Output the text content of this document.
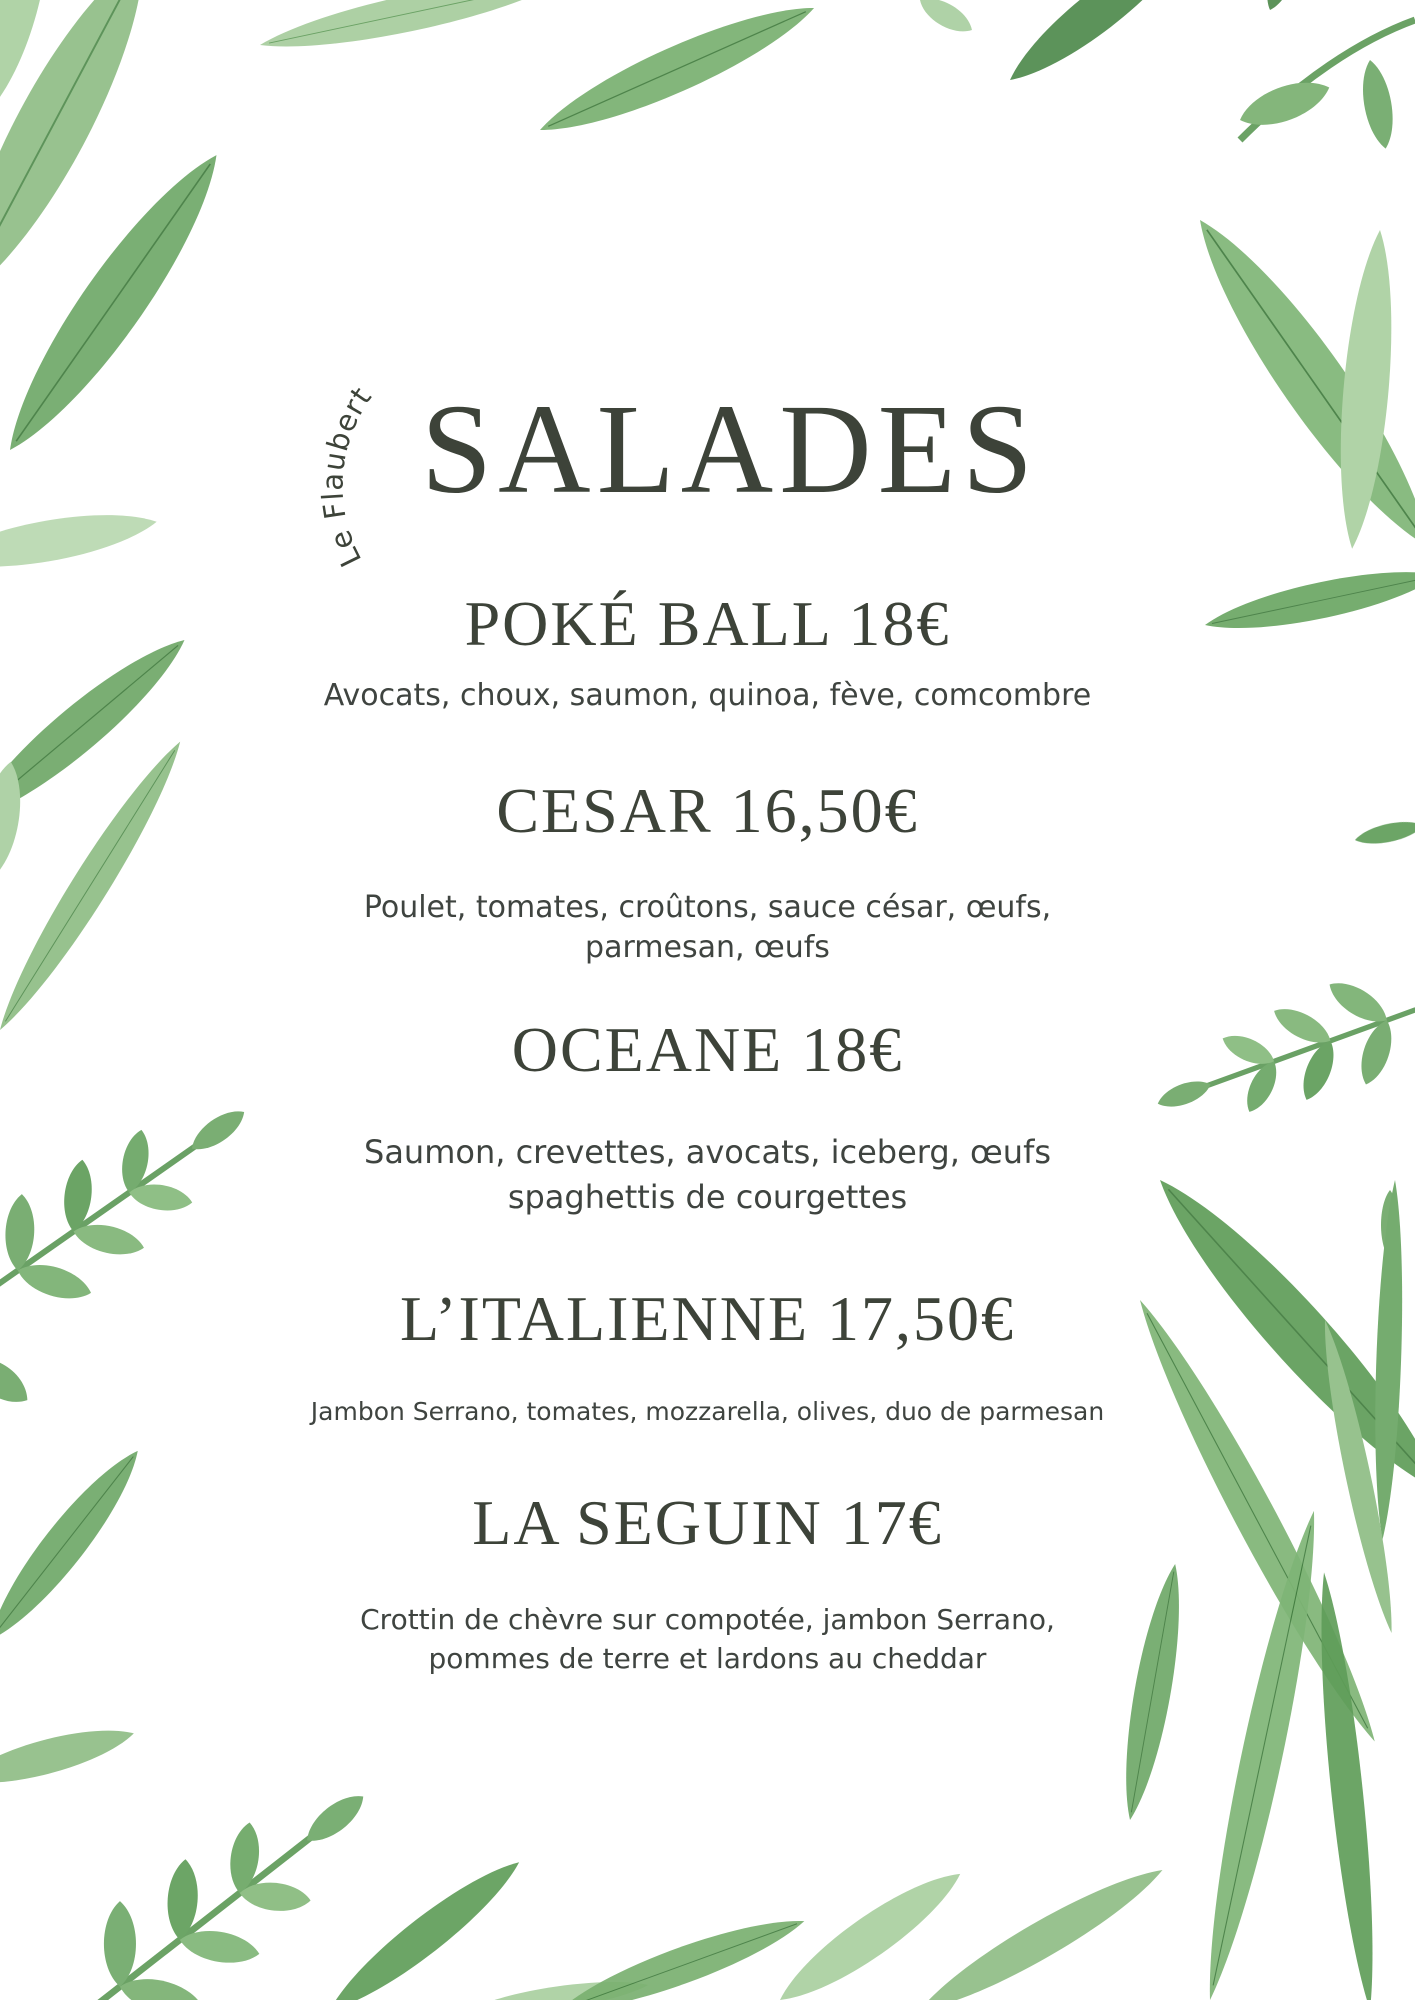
Le Flaubert SALADES
POKÉ BALL 18€

Avocats, choux, saumon, quinoa, fève, comcombre

CESAR 16,50€

Poulet, tomates, croûtons, sauce césar, œufs,
parmesan, œufs

OCEANE 18€

Saumon, crevettes, avocats, iceberg, œufs
spaghettis de courgettes

L’ITALIENNE 17,50€

Jambon Serrano, tomates, mozzarella, olives, duo de parmesan

LA SEGUIN 17€

Crottin de chèvre sur compotée, jambon Serrano,
pommes de terre et lardons au cheddar
